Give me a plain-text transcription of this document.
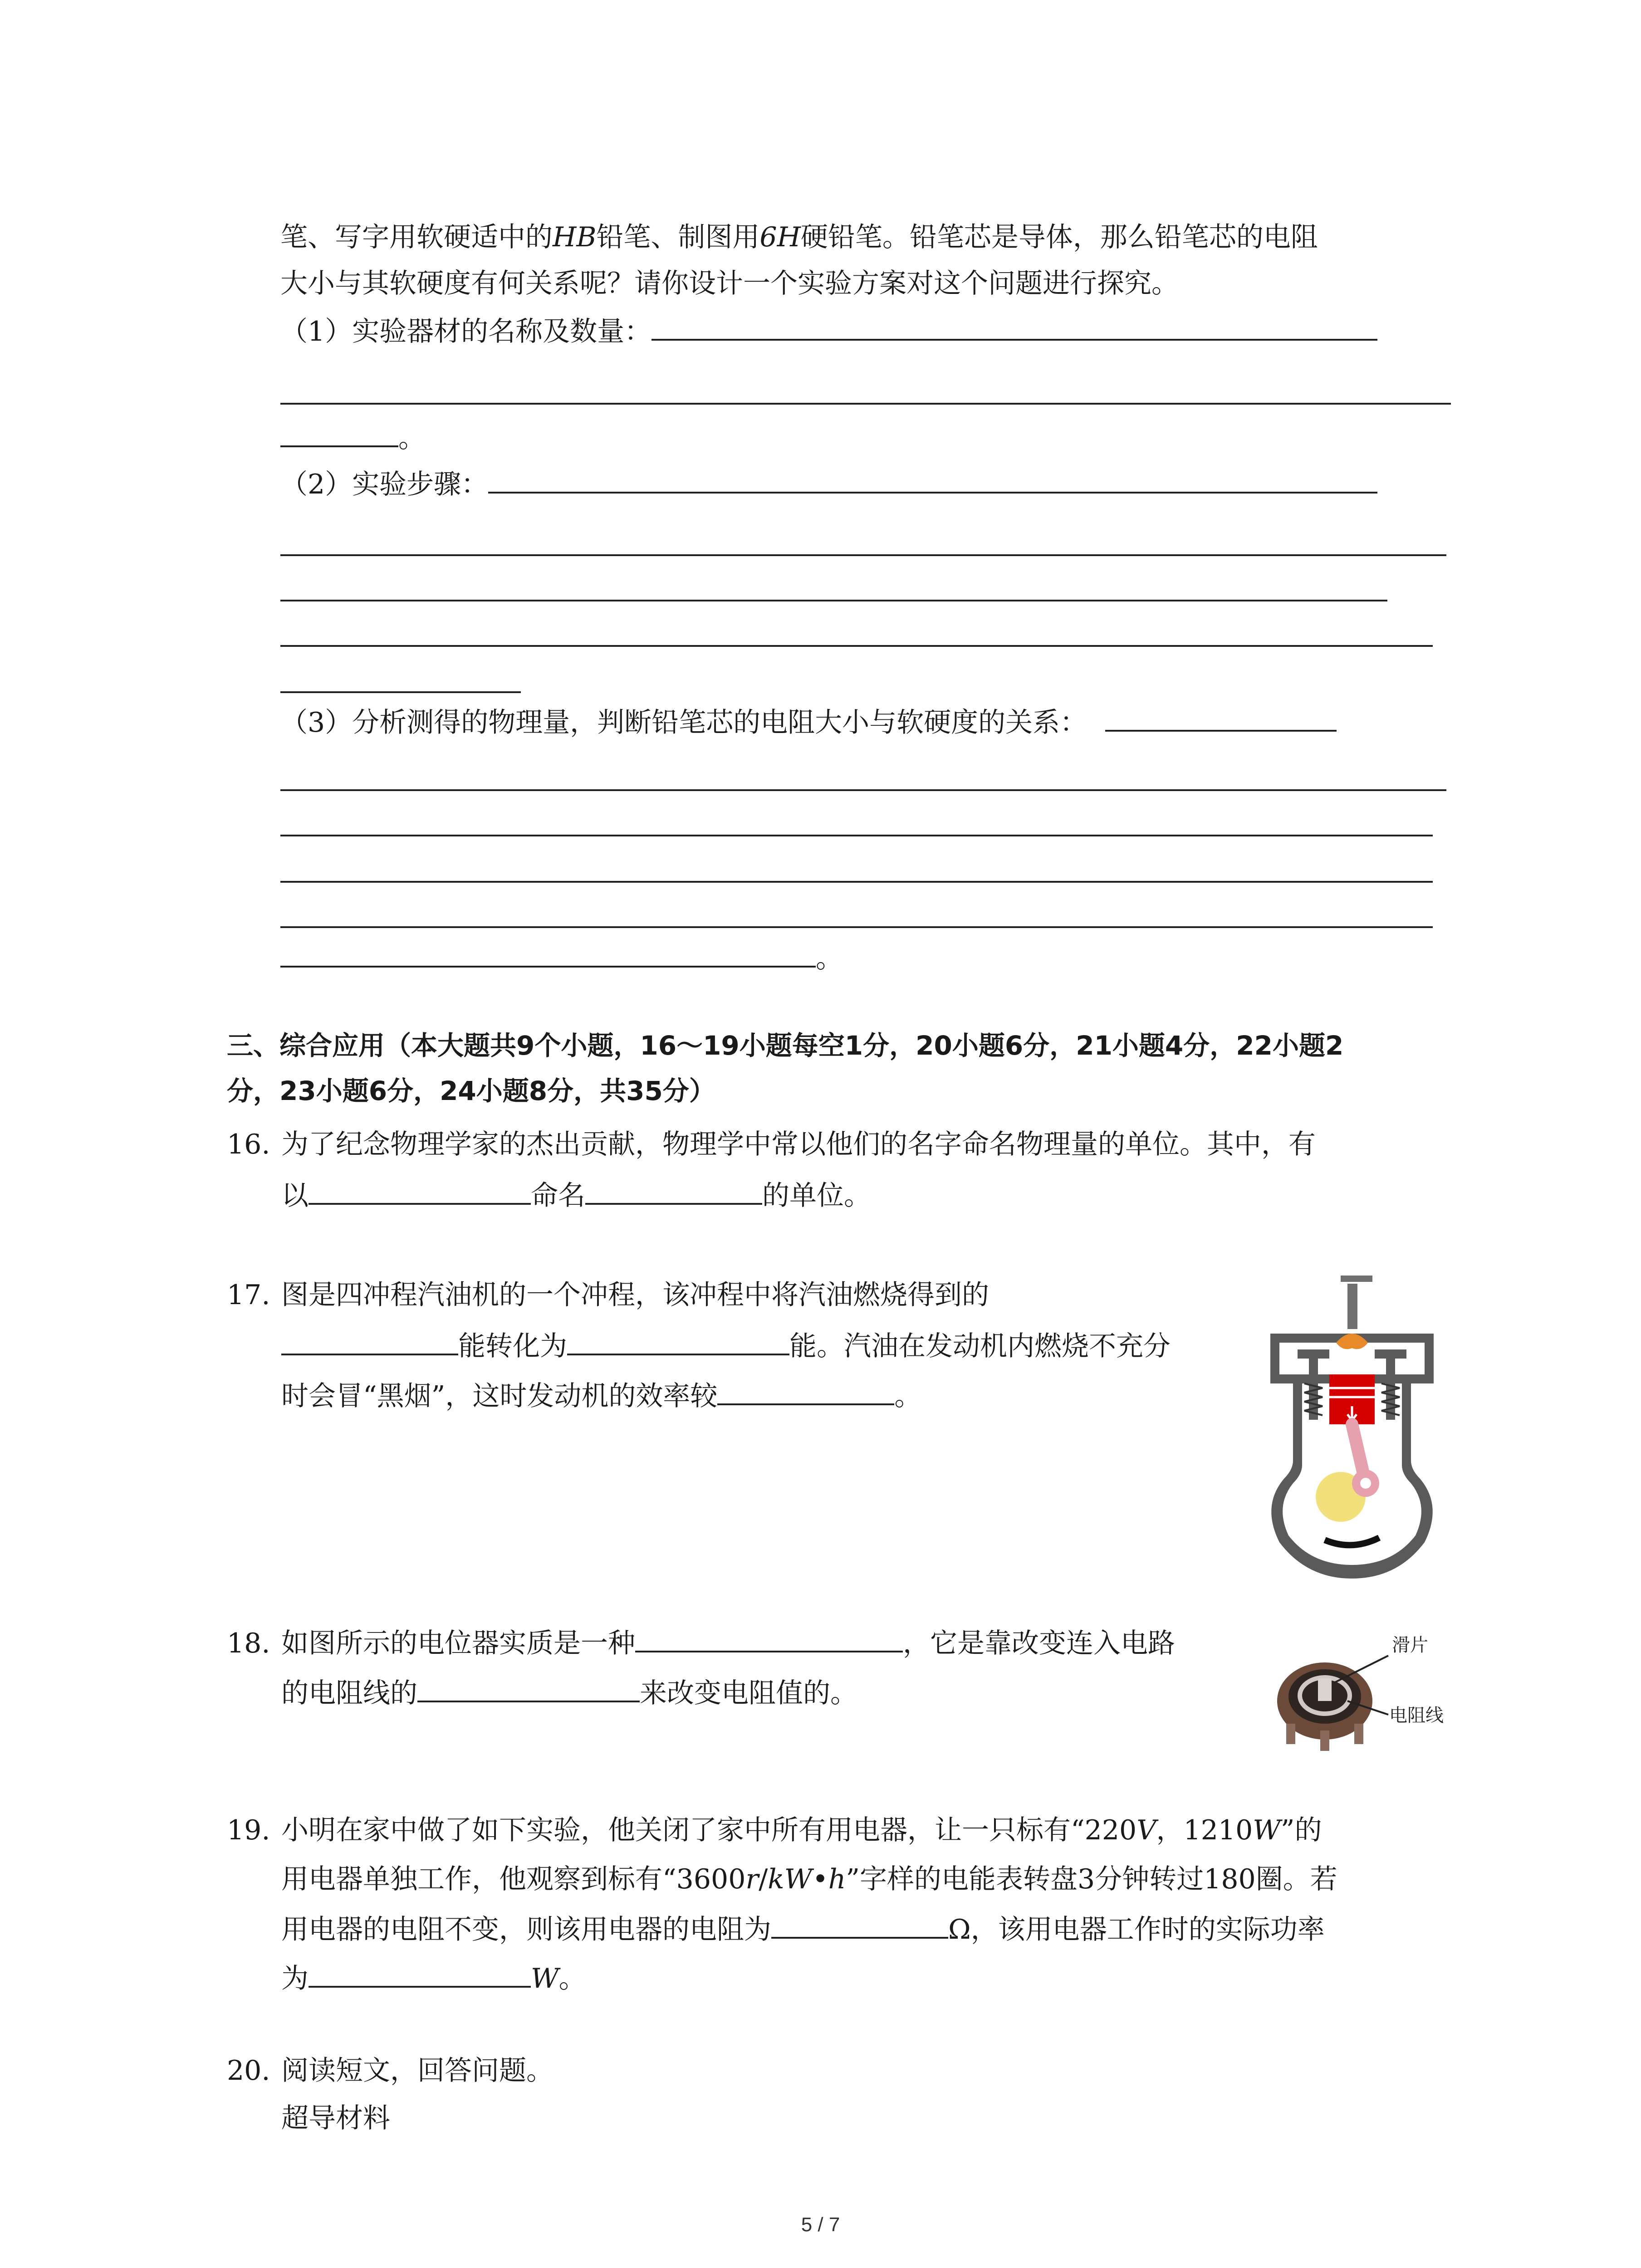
笔、写字用软硬适中的HB铅笔、制图用6H硬铅笔。铅笔芯是导体，那么铅笔芯的电阻
大小与其软硬度有何关系呢？请你设计一个实验方案对这个问题进行探究。
（1）实验器材的名称及数量：
。
（2）实验步骤：
（3）分析测得的物理量，判断铅笔芯的电阻大小与软硬度的关系：
。
三、综合应用（本大题共9个小题，16～19小题每空1分，20小题6分，21小题4分，22小题2
分，23小题6分，24小题8分，共35分）
16. 为了纪念物理学家的杰出贡献，物理学中常以他们的名字命名物理量的单位。其中，有
以	命名	的单位。
17. 图是四冲程汽油机的一个冲程，该冲程中将汽油燃烧得到的
能转化为	能。汽油在发动机内燃烧不充分
时会冒“黑烟”，这时发动机的效率较	。
18. 如图所示的电位器实质是一种	，它是靠改变连入电路
的电阻线的	来改变电阻值的。
滑片
电阻线
19. 小明在家中做了如下实验，他关闭了家中所有用电器，让一只标有“220V，1210W”的
用电器单独工作，他观察到标有“3600r/kW•h”字样的电能表转盘3分钟转过180圈。若
用电器的电阻不变，则该用电器的电阻为	Ω，该用电器工作时的实际功率
为	W。
20. 阅读短文，回答问题。
超导材料
5 / 7
